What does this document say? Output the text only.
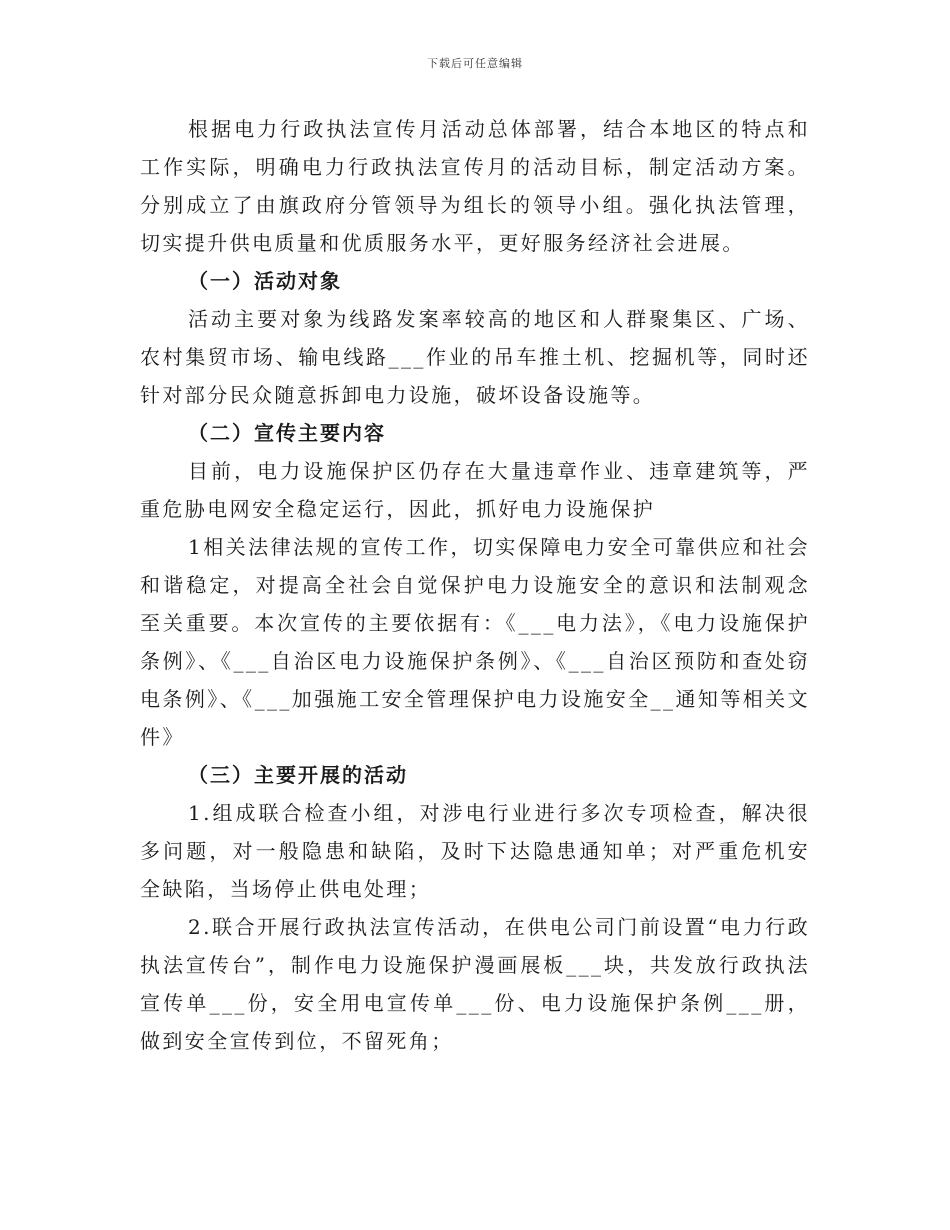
下载后可任意编辑

根据电力行政执法宣传月活动总体部署，结合本地区的特点和工作实际，明确电力行政执法宣传月的活动目标，制定活动方案。分别成立了由旗政府分管领导为组长的领导小组。强化执法管理，切实提升供电质量和优质服务水平，更好服务经济社会进展。

（一）活动对象

活动主要对象为线路发案率较高的地区和人群聚集区、广场、农村集贸市场、输电线路___作业的吊车推土机、挖掘机等，同时还针对部分民众随意拆卸电力设施，破坏设备设施等。

（二）宣传主要内容

目前，电力设施保护区仍存在大量违章作业、违章建筑等，严重危胁电网安全稳定运行，因此，抓好电力设施保护

1相关法律法规的宣传工作，切实保障电力安全可靠供应和社会和谐稳定，对提高全社会自觉保护电力设施安全的意识和法制观念至关重要。本次宣传的主要依据有：《___电力法》，《电力设施保护条例》、《___自治区电力设施保护条例》、《___自治区预防和查处窃电条例》、《___加强施工安全管理保护电力设施安全__通知等相关文件》

（三）主要开展的活动

1.组成联合检查小组，对涉电行业进行多次专项检查，解决很多问题，对一般隐患和缺陷，及时下达隐患通知单；对严重危机安全缺陷，当场停止供电处理；

2.联合开展行政执法宣传活动，在供电公司门前设置“电力行政执法宣传台”，制作电力设施保护漫画展板___块，共发放行政执法宣传单___份，安全用电宣传单___份、电力设施保护条例___册，做到安全宣传到位，不留死角；
